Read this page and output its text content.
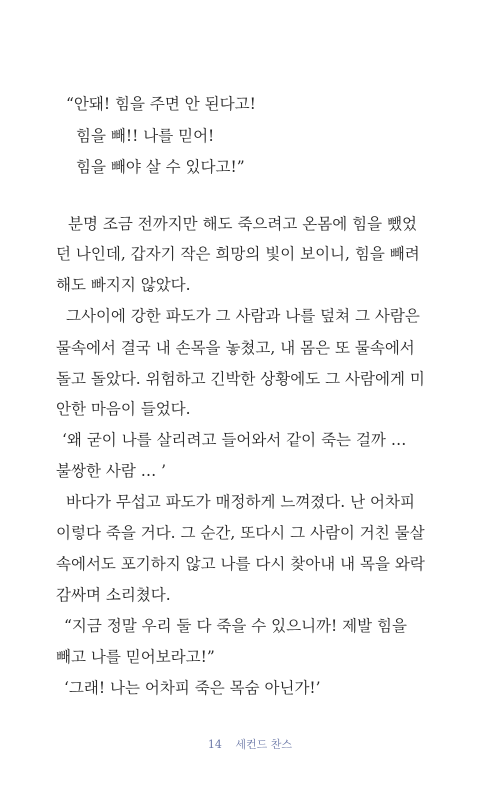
“안돼! 힘을 주면 안 된다고!
힘을 빼!! 나를 믿어!
힘을 빼야 살 수 있다고!”
분명 조금 전까지만 해도 죽으려고 온몸에 힘을 뺐었
던 나인데, 갑자기 작은 희망의 빛이 보이니, 힘을 빼려
해도 빠지지 않았다.
그사이에 강한 파도가 그 사람과 나를 덮쳐 그 사람은
물속에서 결국 내 손목을 놓쳤고, 내 몸은 또 물속에서
돌고 돌았다. 위험하고 긴박한 상황에도 그 사람에게 미
안한 마음이 들었다.
‘왜 굳이 나를 살리려고 들어와서 같이 죽는 걸까 …
불쌍한 사람 … ’
바다가 무섭고 파도가 매정하게 느껴졌다. 난 어차피
이렇다 죽을 거다. 그 순간, 또다시 그 사람이 거친 물살
속에서도 포기하지 않고 나를 다시 찾아내 내 목을 와락
감싸며 소리쳤다.
“지금 정말 우리 둘 다 죽을 수 있으니까! 제발 힘을
빼고 나를 믿어보라고!”
‘그래! 나는 어차피 죽은 목숨 아닌가!’
14 세컨드 찬스
